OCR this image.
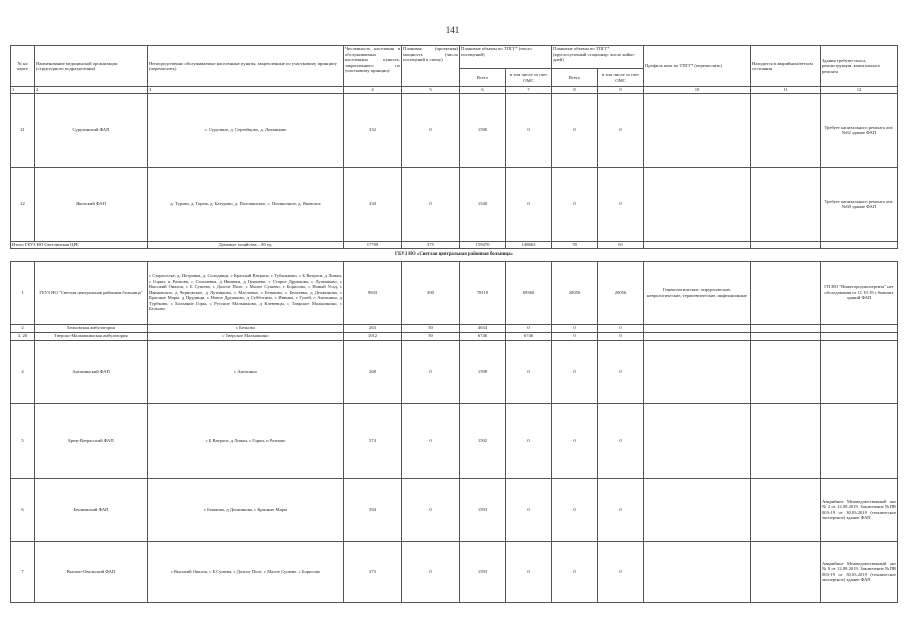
141
№ на карте	Наименование медицинской организации (структурного подразделения)	Непосредственно обслуживаемые населенные пункты, закрепленные по участковому принципу (перечислить)	Численность населения в обслуживаемых населенных пунктах, закрепленного по участковому принципу	Плановая (проектная) мощность (число посещений в смену)	Плановые объемы по ТПГГ* (число посещений)		Плановые объемы по ТПГГ* (круглосуточный стационар, число койко-дней)		Профиль коек по ТПГГ* (перечислить)	Находится в аварийном/ветхом состоянии	Здания требуют сноса, реконструкции, капитального ремонта
					Всего	в том числе за счет ОМС	Всего	в том числе за счет ОМС			
1	2	3	4	5	6	7	8	9	10	11	12
21	Сурулинский ФАП	с. Сурулино, д. Сертейцово, д. Литвиново	332	0	1590	0	0	0			Требует капитального ремонта лит.№62 здание ФАП
22	Яковский ФАП	д. Турово, д. Гореж, д. Батурово, д. Половинское, с. Починочное, д. Яковское	330	0	1540	0	0	0			Требует капитального ремонта лит.№68 здание ФАП
Итого ГБУЗ НО Светлинская ЦРБ		Домовые хозяйства – 80 ед.	17708	375	159470	148863	78	65			
ГБУЗ НО «Светлая центральная районная больница»											
1	ГБУЗ НО "Светлая центральная районная больница"	с Староселье, д. Петровка, д. Солодищи, с Красный Ватраси, с Тубаньково, с Б Ватраси, д Ломаи, с Горки, п Ратиово, с Солоневка, д Ивишки, д Грязнево, с Старое Дружково, с Лучинково, с Высокий Овалок, с Б Сушева, с Долгое Поле, с Малое Сушево, с Борисово, с Новый Усад, с Ивановское, д Черновское, д Лутинково, с Масловка, с Бешково, с Бельевка, д Деожинова, с Красные Мары, д Прудищи, с Новое Дружково, д Субботино, с Ивинка, с Гулей, с Антонино, д Турбково, с Больвние Горы, с Русские Малышково, д Клевевцы, с Таврское Малышкино, с Бельово	9843	300	78110	69560	20056	20056	Гинекологические, хирургические, неврологические, терапевтические, инфекционные		ГП НО "Нижегородэкспертиза" нет обследования от 11.10.19 г бывших зданий ФАП
2	Бельовская амбулатория	с Бельово	263	50	4634	0	0	0			
3, 20	Тверско-Малышкинская амбулатория	с Тверское Малышкино	1012	50	6746	6746	0	0			
4	Антонинский ФАП	с Антонино	268	0	1598	0	0	0			
5	Бреж-Ватрасский ФАП	с Б Ватраси, д Ломаи, с Горки, п Ратиово	574	0	1592	0	0	0			
6	Бешковский ФАП	с Бешково, д Деожинова, с Красные Мары	594	0	1593	0	0	0			Аварийное Межведомственный акт № 2 от 12.08.2019. Заключение №ПВ 003-19 от 30.03.2019 (техническое экспертное) здание ФАП
7	Высоко-Овальский ФАП	с Высокий Овалок, с Б Сушева, с Долгое Поле, с Малое Сушево, с Борисово	373	0	1593	0	0	0			Аварийное Межведомственный акт № 8 от 12.08.2019. Заключение №ПВ 003-19 от 30.03.2019 (техническое экспертное) здание ФАП
